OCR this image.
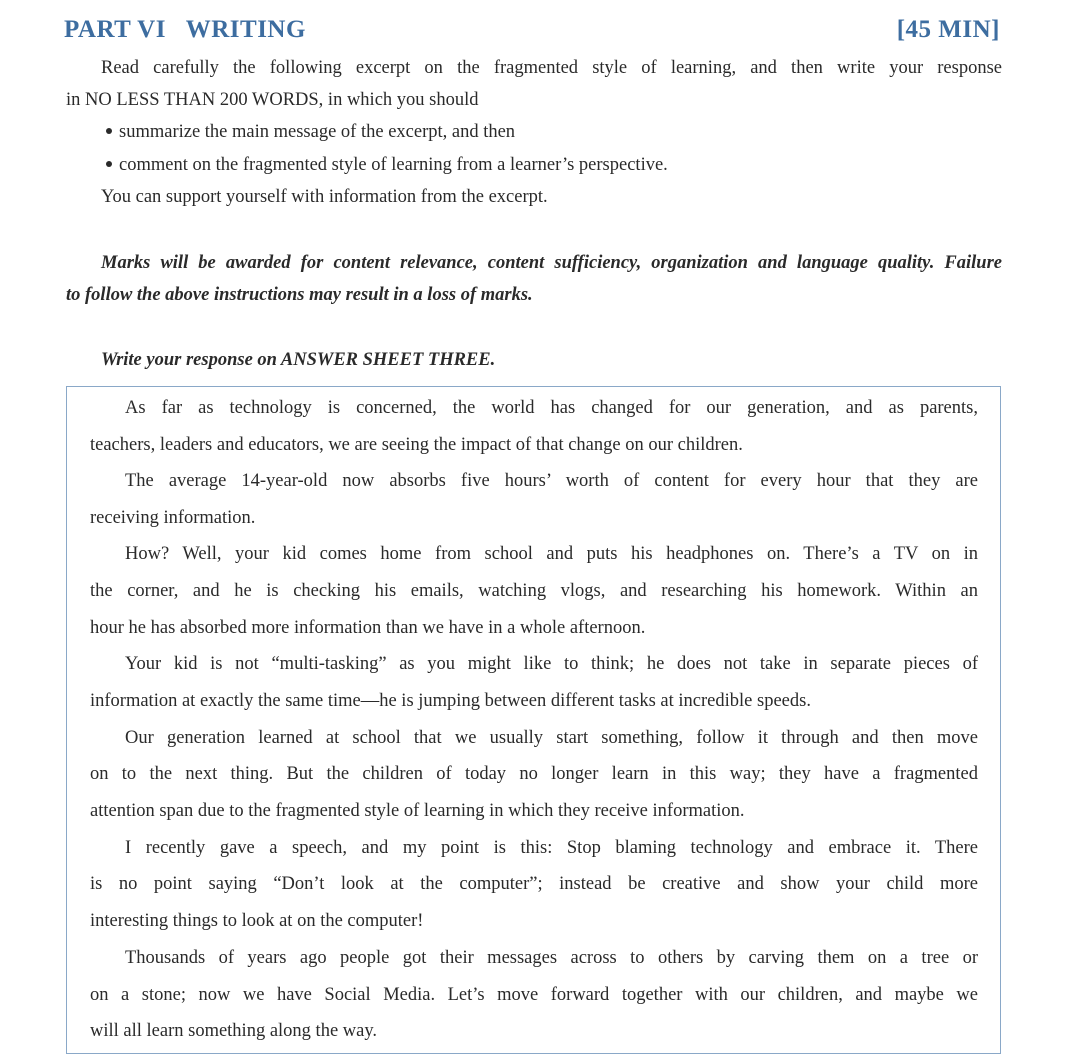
PART VI   WRITING	[45 MIN]
Read carefully the following excerpt on the fragmented style of learning, and then write your response
in NO LESS THAN 200 WORDS, in which you should
summarize the main message of the excerpt, and then
comment on the fragmented style of learning from a learner’s perspective.
You can support yourself with information from the excerpt.
Marks will be awarded for content relevance, content sufficiency, organization and language quality. Failure
to follow the above instructions may result in a loss of marks.
Write your response on ANSWER SHEET THREE.
As far as technology is concerned, the world has changed for our generation, and as parents,
teachers, leaders and educators, we are seeing the impact of that change on our children.
The average 14-year-old now absorbs five hours’ worth of content for every hour that they are
receiving information.
How? Well, your kid comes home from school and puts his headphones on. There’s a TV on in
the corner, and he is checking his emails, watching vlogs, and researching his homework. Within an
hour he has absorbed more information than we have in a whole afternoon.
Your kid is not “multi-tasking” as you might like to think; he does not take in separate pieces of
information at exactly the same time—he is jumping between different tasks at incredible speeds.
Our generation learned at school that we usually start something, follow it through and then move
on to the next thing. But the children of today no longer learn in this way; they have a fragmented
attention span due to the fragmented style of learning in which they receive information.
I recently gave a speech, and my point is this: Stop blaming technology and embrace it. There
is no point saying “Don’t look at the computer”; instead be creative and show your child more
interesting things to look at on the computer!
Thousands of years ago people got their messages across to others by carving them on a tree or
on a stone; now we have Social Media. Let’s move forward together with our children, and maybe we
will all learn something along the way.
